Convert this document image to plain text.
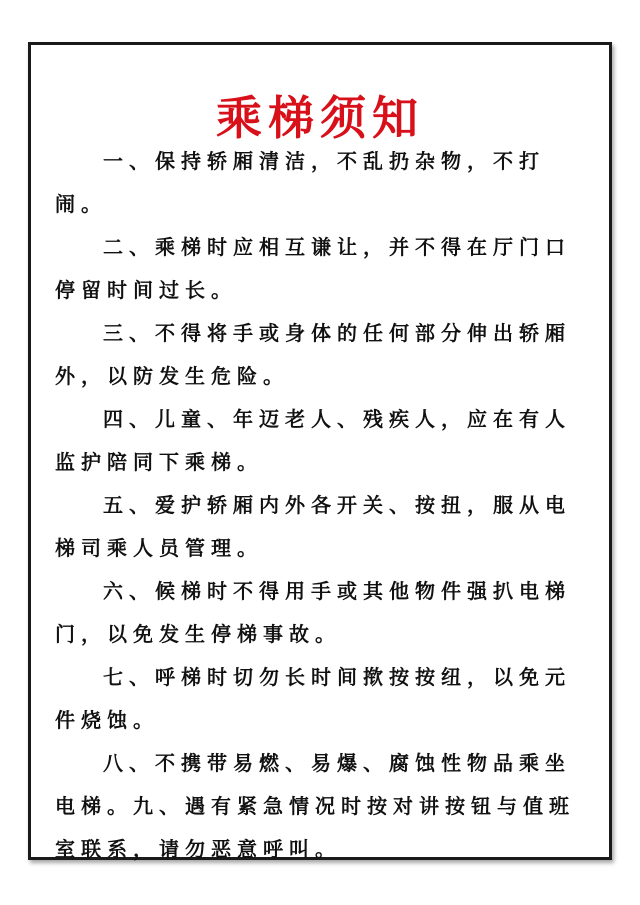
乘梯须知
一、保持轿厢清洁，不乱扔杂物，不打闹。
二、乘梯时应相互谦让，并不得在厅门口停留时间过长。
三、不得将手或身体的任何部分伸出轿厢外，以防发生危险。
四、儿童、年迈老人、残疾人，应在有人监护陪同下乘梯。
五、爱护轿厢内外各开关、按扭，服从电梯司乘人员管理。
六、候梯时不得用手或其他物件强扒电梯门，以免发生停梯事故。
七、呼梯时切勿长时间揿按按纽，以免元件烧蚀。
八、不携带易燃、易爆、腐蚀性物品乘坐电梯。九、遇有紧急情况时按对讲按钮与值班室联系，请勿恶意呼叫。
